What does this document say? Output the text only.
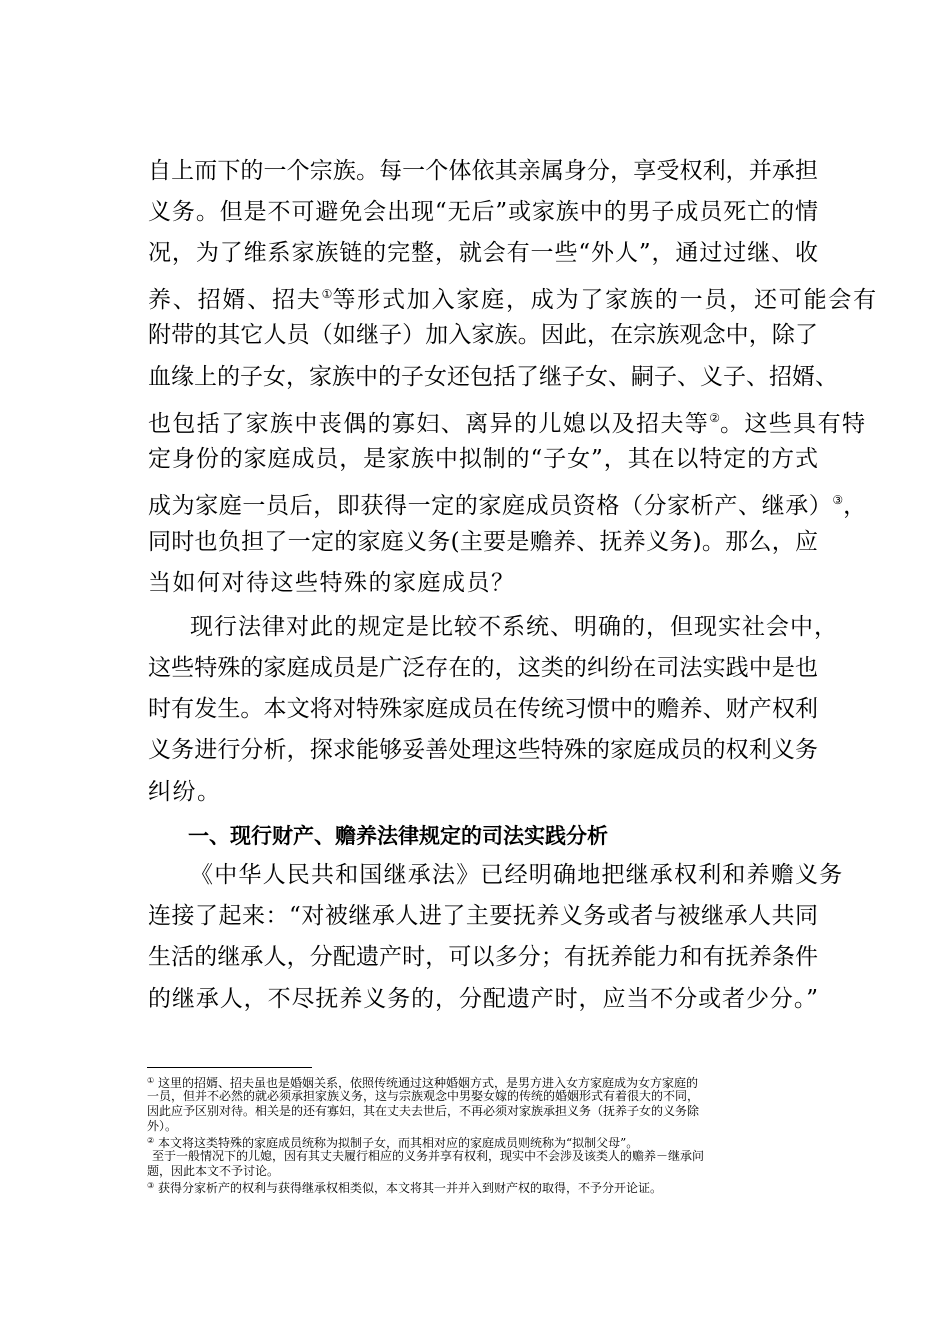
自上而下的一个宗族。每一个体依其亲属身分，享受权利，并承担
义务。但是不可避免会出现“无后”或家族中的男子成员死亡的情
况，为了维系家族链的完整，就会有一些“外人”，通过过继、收
养、招婿、招夫①等形式加入家庭，成为了家族的一员，还可能会有
附带的其它人员（如继子）加入家族。因此，在宗族观念中，除了
血缘上的子女，家族中的子女还包括了继子女、嗣子、义子、招婿、
也包括了家族中丧偶的寡妇、离异的儿媳以及招夫等②。这些具有特
定身份的家庭成员，是家族中拟制的“子女”，其在以特定的方式
成为家庭一员后，即获得一定的家庭成员资格（分家析产、继承）③，
同时也负担了一定的家庭义务(主要是赡养、抚养义务)。那么，应
当如何对待这些特殊的家庭成员？
现行法律对此的规定是比较不系统、明确的，但现实社会中，
这些特殊的家庭成员是广泛存在的，这类的纠纷在司法实践中是也
时有发生。本文将对特殊家庭成员在传统习惯中的赡养、财产权利
义务进行分析，探求能够妥善处理这些特殊的家庭成员的权利义务
纠纷。
一、现行财产、赡养法律规定的司法实践分析
《中华人民共和国继承法》已经明确地把继承权利和养赡义务
连接了起来：“对被继承人进了主要抚养义务或者与被继承人共同
生活的继承人，分配遗产时，可以多分；有抚养能力和有抚养条件
的继承人，不尽抚养义务的，分配遗产时，应当不分或者少分。”
① 这里的招婿、招夫虽也是婚姻关系，依照传统通过这种婚姻方式，是男方进入女方家庭成为女方家庭的
一员，但并不必然的就必须承担家族义务，这与宗族观念中男娶女嫁的传统的婚姻形式有着很大的不同，
因此应予区别对待。相关是的还有寡妇，其在丈夫去世后，不再必须对家族承担义务（抚养子女的义务除
外）。
② 本文将这类特殊的家庭成员统称为拟制子女，而其相对应的家庭成员则统称为“拟制父母”。
至于一般情况下的儿媳，因有其丈夫履行相应的义务并享有权利，现实中不会涉及该类人的赡养－继承问
题，因此本文不予讨论。
③ 获得分家析产的权利与获得继承权相类似，本文将其一并并入到财产权的取得，不予分开论证。
